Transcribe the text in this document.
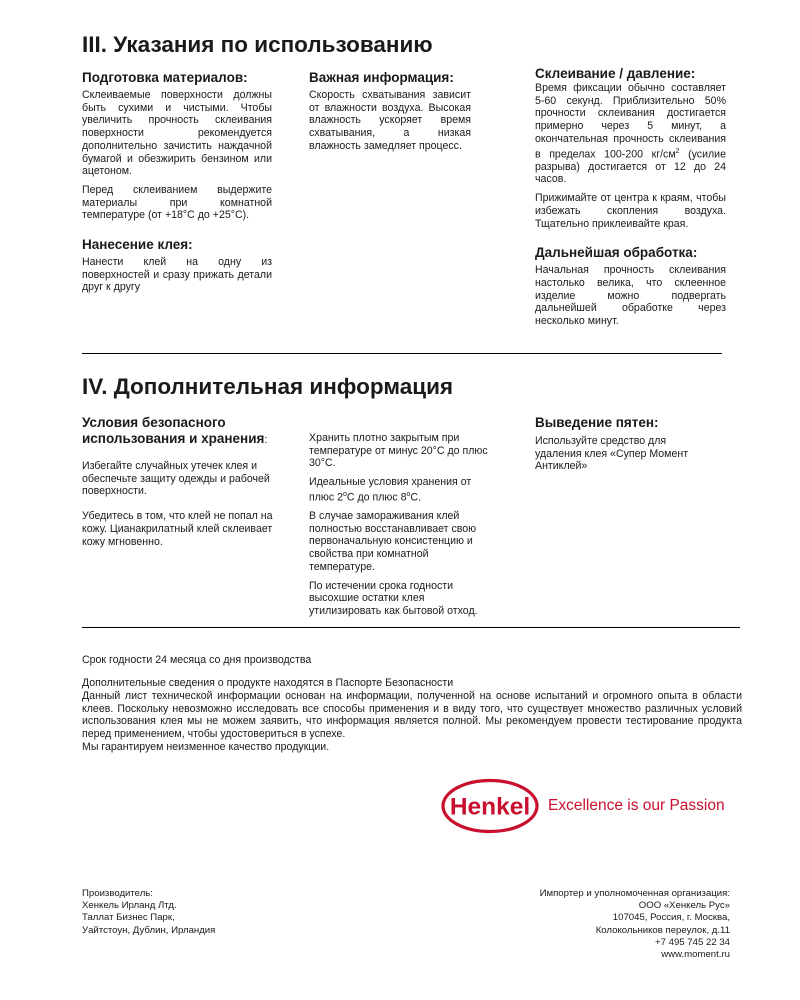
III. Указания по использованию
Подготовка материалов:
Склеиваемые поверхности должны быть сухими и чистыми. Чтобы увеличить прочность склеивания поверхности рекомендуется дополнительно зачистить наждачной бумагой и обезжирить бензином или ацетоном.
Перед склеиванием выдержите материалы при комнатной температуре (от +18°С до +25°С).
Нанесение клея:
Нанести клей на одну из поверхностей и сразу прижать детали друг к другу
Важная информация:
Скорость схватывания зависит от влажности воздуха. Высокая влажность ускоряет время схватывания, а низкая влажность замедляет процесс.
Склеивание / давление:
Время фиксации обычно составляет 5-60 секунд. Приблизительно 50% прочности склеивания достигается примерно через 5 минут, а окончательная прочность склеивания в пределах 100-200 $кг/см^2$ (усилие разрыва) достигается от 12 до 24 часов.
Прижимайте от центра к краям, чтобы избежать скопления воздуха. Тщательно приклеивайте края.
Дальнейшая обработка:
Начальная прочность склеивания настолько велика, что склеенное изделие можно подвергать дальнейшей обработке через несколько минут.
IV. Дополнительная информация
Условия безопасного использования и хранения:
Избегайте случайных утечек клея и обеспечьте защиту одежды и рабочей поверхности.
Убедитесь в том, что клей не попал на кожу. Цианакрилатный клей склеивает кожу мгновенно.
Хранить плотно закрытым при температуре от минус 20°С до плюс 30°С.
Идеальные условия хранения от плюс $2^оС$ до плюс $8^оС$.
В случае замораживания клей полностью восстанавливает свою первоначальную консистенцию и свойства при комнатной температуре.
По истечении срока годности высохшие остатки клея утилизировать как бытовой отход.
Выведение пятен:
Используйте средство для удаления клея «Супер Момент Антиклей»
Срок годности 24 месяца со дня производства
Дополнительные сведения о продукте находятся в Паспорте Безопасности
Данный лист технической информации основан на информации, полученной на основе испытаний и огромного опыта в области клеев. Поскольку невозможно исследовать все способы применения и в виду того, что существует множество различных условий использования клея мы не можем заявить, что информация является полной. Мы рекомендуем провести тестирование продукта перед применением, чтобы удостовериться в успехе.
Мы гарантируем неизменное качество продукции.
Henkel Excellence is our Passion
Производитель:
Хенкель Ирланд Лтд.
Таллат Бизнес Парк,
Уайтстоун, Дублин, Ирландия
Импортер и уполномоченная организация:
ООО «Хенкель Рус»
107045, Россия, г. Москва,
Колокольников переулок, д.11
+7 495 745 22 34
www.moment.ru
